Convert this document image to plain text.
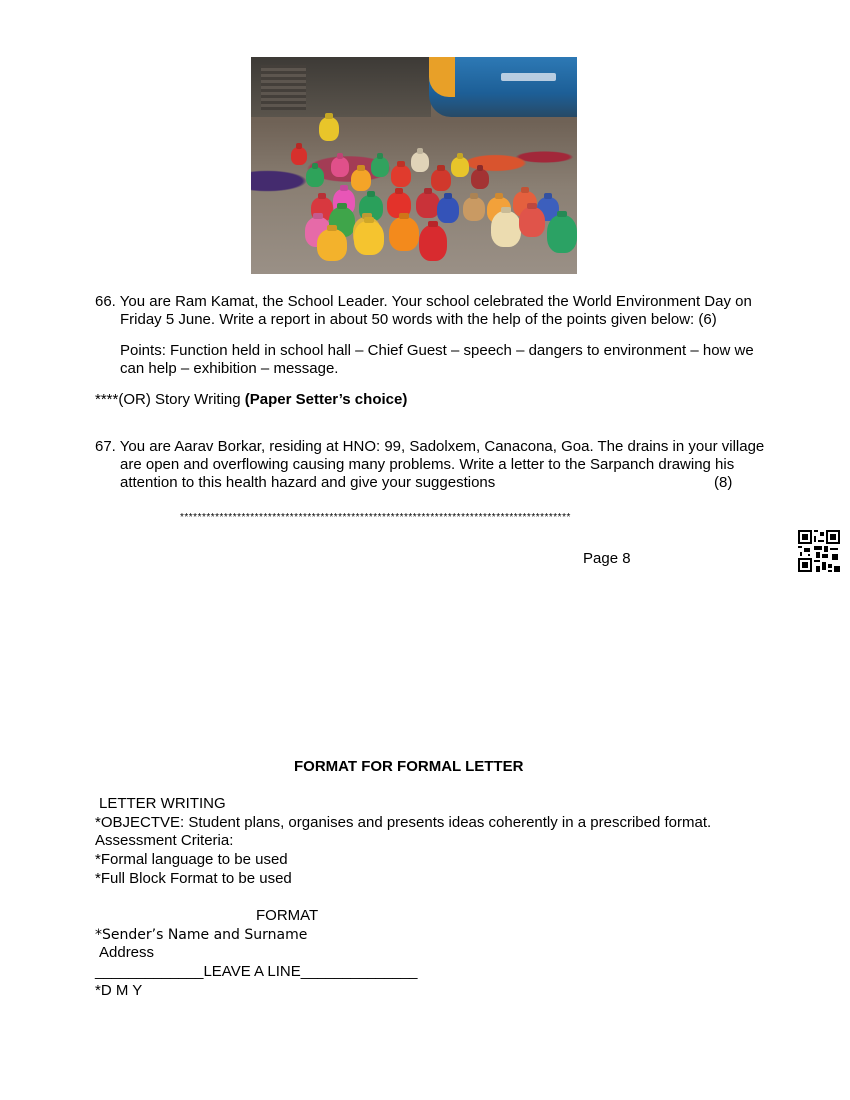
66. You are Ram Kamat, the School Leader. Your school celebrated the World Environment Day on
Friday 5 June. Write a report in about 50 words with the help of the points given below: (6)
Points: Function held in school hall – Chief Guest – speech – dangers to environment – how we
can help – exhibition – message.
****(OR) Story Writing (Paper Setter’s choice)
67. You are Aarav Borkar, residing at HNO: 99, Sadolxem, Canacona, Goa. The drains in your village
are open and overflowing causing many problems. Write a letter to the Sarpanch drawing his
attention to this health hazard and give your suggestions	(8)
*****************************************************************************************
Page 8
FORMAT FOR FORMAL LETTER
LETTER WRITING
*OBJECTVE: Student plans, organises and presents ideas coherently in a prescribed format.
Assessment Criteria:
*Formal language to be used
*Full Block Format to be used
FORMAT
*Sender’s Name and Surname
Address
_____________LEAVE A LINE______________
*D M Y
